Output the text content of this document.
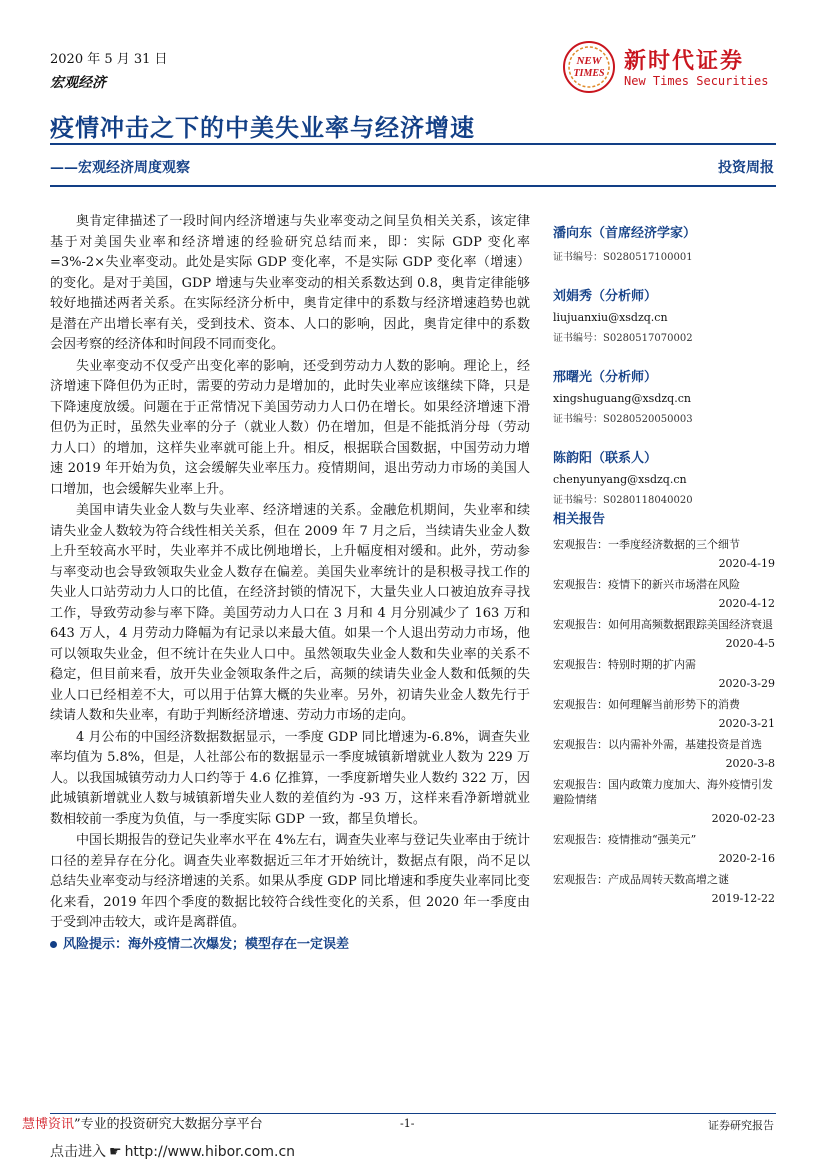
2020 年 5 月 31 日
宏观经济
疫情冲击之下的中美失业率与经济增速
NEW
TIMES 新时代证券
New Times Securities
——宏观经济周度观察	投资周报

奥肯定律描述了一段时间内经济增速与失业率变动之间呈负相关关系，该定律基于对美国失业率和经济增速的经验研究总结而来，即：实际 GDP 变化率=3%-2×失业率变动。此处是实际 GDP 变化率，不是实际 GDP 变化率（增速）的变化。是对于美国，GDP 增速与失业率变动的相关系数达到 0.8，奥肯定律能够较好地描述两者关系。在实际经济分析中，奥肯定律中的系数与经济增速趋势也就是潜在产出增长率有关，受到技术、资本、人口的影响，因此，奥肯定律中的系数会因考察的经济体和时间段不同而变化。

失业率变动不仅受产出变化率的影响，还受到劳动力人数的影响。理论上，经济增速下降但仍为正时，需要的劳动力是增加的，此时失业率应该继续下降，只是下降速度放缓。问题在于正常情况下美国劳动力人口仍在增长。如果经济增速下滑但仍为正时，虽然失业率的分子（就业人数）仍在增加，但是不能抵消分母（劳动力人口）的增加，这样失业率就可能上升。相反，根据联合国数据，中国劳动力增速 2019 年开始为负，这会缓解失业率压力。疫情期间，退出劳动力市场的美国人口增加，也会缓解失业率上升。

美国申请失业金人数与失业率、经济增速的关系。金融危机期间，失业率和续请失业金人数较为符合线性相关关系，但在 2009 年 7 月之后，当续请失业金人数上升至较高水平时，失业率并不成比例地增长，上升幅度相对缓和。此外，劳动参与率变动也会导致领取失业金人数存在偏差。美国失业率统计的是积极寻找工作的失业人口站劳动力人口的比值，在经济封锁的情况下，大量失业人口被迫放弃寻找工作，导致劳动参与率下降。美国劳动力人口在 3 月和 4 月分别减少了 163 万和 643 万人，4 月劳动力降幅为有记录以来最大值。如果一个人退出劳动力市场，他可以领取失业金，但不统计在失业人口中。虽然领取失业金人数和失业率的关系不稳定，但目前来看，放开失业金领取条件之后，高频的续请失业金人数和低频的失业人口已经相差不大，可以用于估算大概的失业率。另外，初请失业金人数先行于续请人数和失业率，有助于判断经济增速、劳动力市场的走向。

4 月公布的中国经济数据数据显示，一季度 GDP 同比增速为-6.8%，调查失业率均值为 5.8%，但是，人社部公布的数据显示一季度城镇新增就业人数为 229 万人。以我国城镇劳动力人口约等于 4.6 亿推算，一季度新增失业人数约 322 万，因此城镇新增就业人数与城镇新增失业人数的差值约为 -93 万，这样来看净新增就业数相较前一季度为负值，与一季度实际 GDP 一致，都呈负增长。

中国长期报告的登记失业率水平在 4%左右，调查失业率与登记失业率由于统计口径的差异存在分化。调查失业率数据近三年才开始统计，数据点有限，尚不足以总结失业率变动与经济增速的关系。如果从季度 GDP 同比增速和季度失业率同比变化来看，2019 年四个季度的数据比较符合线性变化的关系，但 2020 年一季度由于受到冲击较大，或许是离群值。

风险提示：海外疫情二次爆发；模型存在一定误差
潘向东（首席经济学家）
证书编号：S0280517100001
刘娟秀（分析师）
liujuanxiu@xsdzq.cn
证书编号：S0280517070002
邢曙光（分析师）
xingshuguang@xsdzq.cn
证书编号：S0280520050003
陈韵阳（联系人）
chenyunyang@xsdzq.cn
证书编号：S0280118040020
相关报告
宏观报告：一季度经济数据的三个细节
2020-4-19
宏观报告：疫情下的新兴市场潜在风险
2020-4-12
宏观报告：如何用高频数据跟踪美国经济衰退
2020-4-5
宏观报告：特别时期的扩内需
2020-3-29
宏观报告：如何理解当前形势下的消费
2020-3-21
宏观报告：以内需补外需，基建投资是首选
2020-3-8
宏观报告：国内政策力度加大、海外疫情引发避险情绪
2020-02-23
宏观报告：疫情推动“强美元”
2020-2-16
宏观报告：产成品周转天数高增之谜
2019-12-22
慧博资讯”专业的投资研究大数据分享平台	-1-	证券研究报告
点击进入 ☛ http://www.hibor.com.cn
